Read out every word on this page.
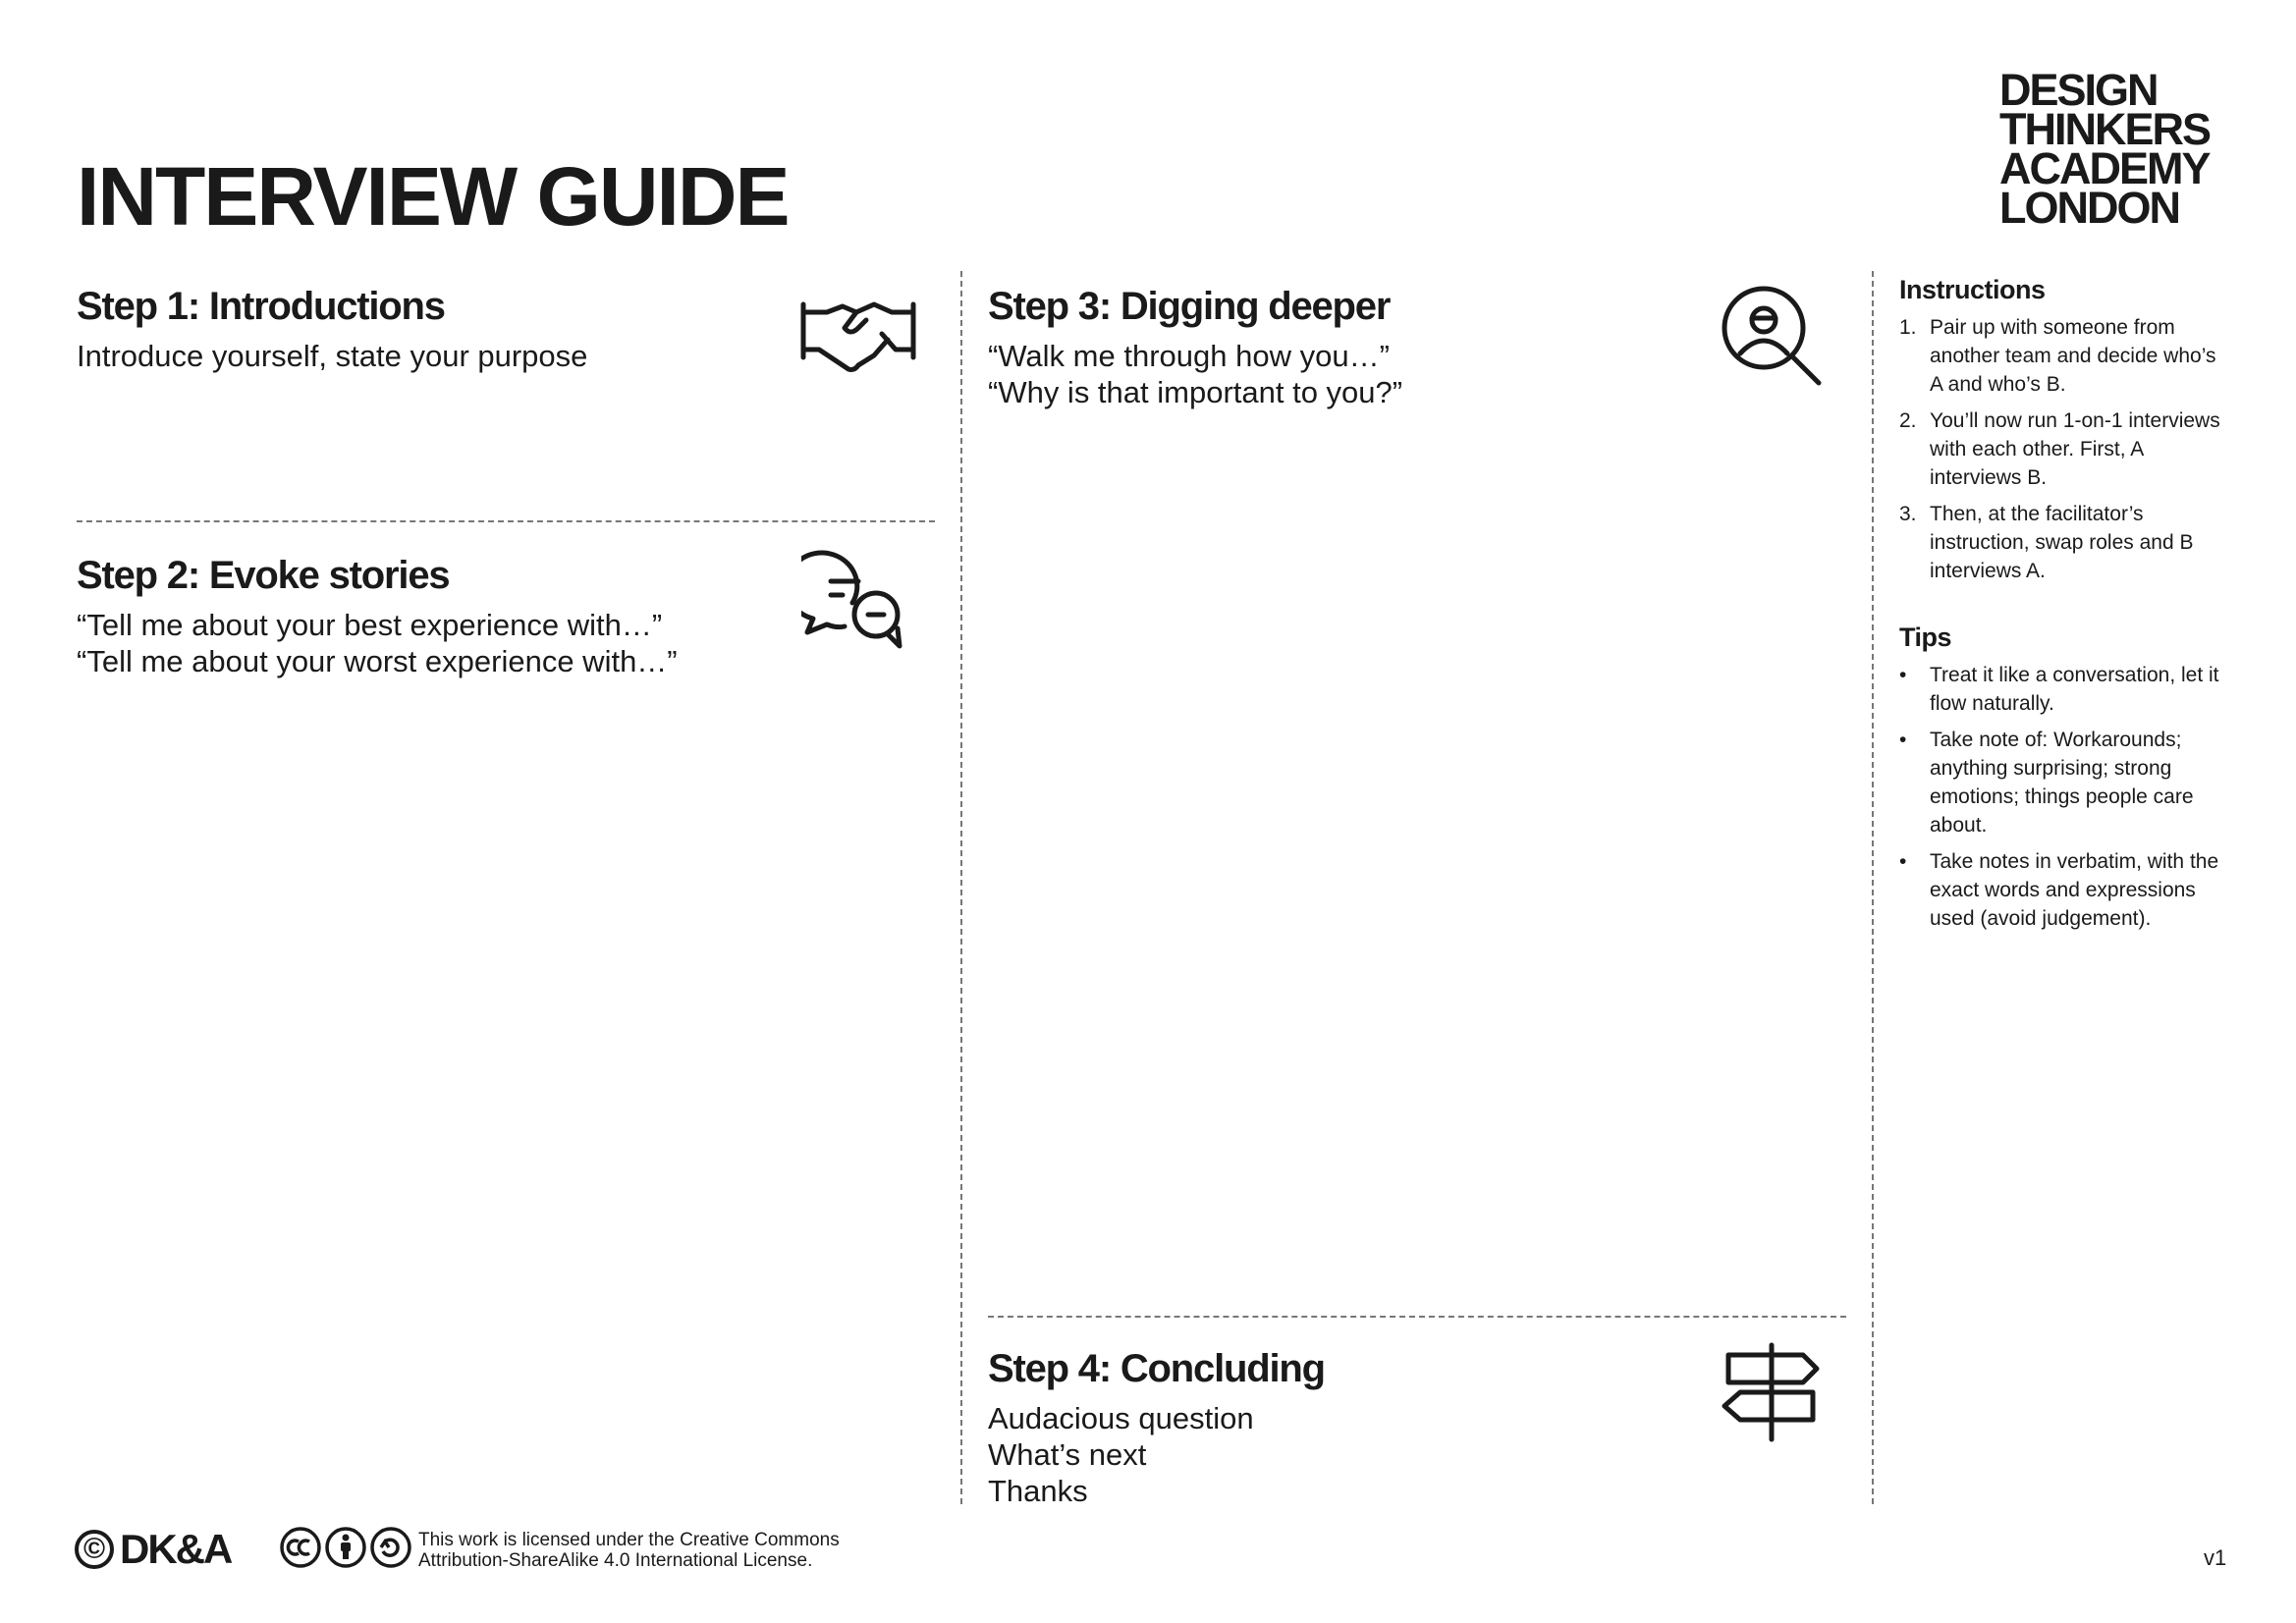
INTERVIEW GUIDE
DESIGN
THINKERS
ACADEMY
LONDON
Step 1: Introductions
Introduce yourself, state your purpose
Step 2: Evoke stories
“Tell me about your best experience with…”
“Tell me about your worst experience with…”
Step 3: Digging deeper
“Walk me through how you…”
“Why is that important to you?”
Step 4: Concluding
Audacious question
What’s next
Thanks
Instructions
1. Pair up with someone from another team and decide who’s A and who’s B.
2. You’ll now run 1-on-1 interviews with each other. First, A interviews B.
3. Then, at the facilitator’s instruction, swap roles and B interviews A.
Tips
• Treat it like a conversation, let it flow naturally.
• Take note of: Workarounds; anything surprising; strong emotions; things people care about.
• Take notes in verbatim, with the exact words and expressions used (avoid judgement).
© DK&A	This work is licensed under the Creative Commons
Attribution-ShareAlike 4.0 International License.	v1
